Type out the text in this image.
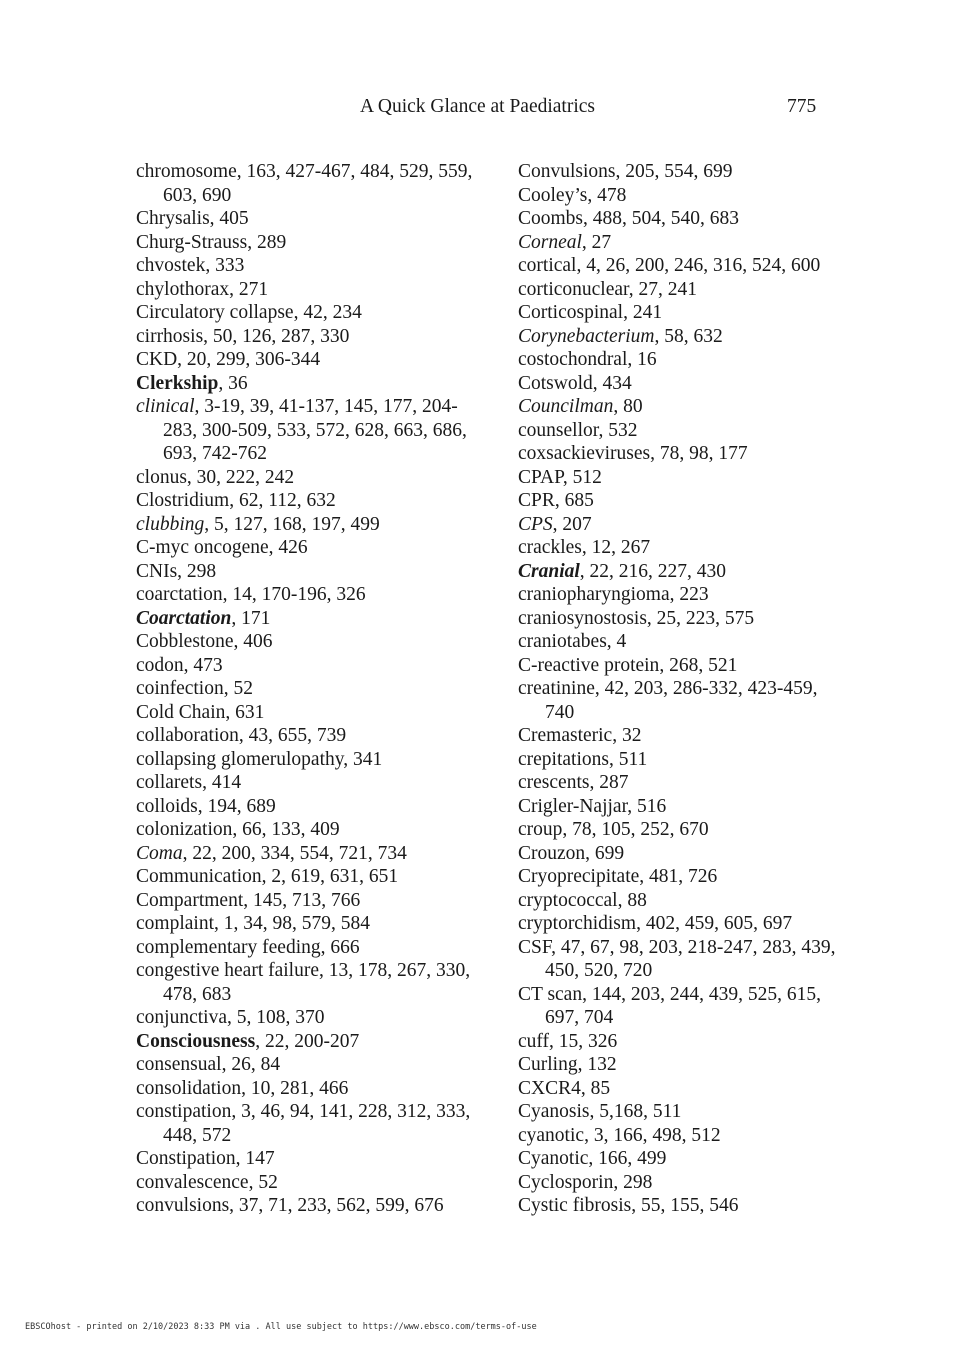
A Quick Glance at Paediatrics	775
chromosome, 163, 427-467, 484, 529, 559, 603, 690
Chrysalis, 405
Churg-Strauss, 289
chvostek, 333
chylothorax, 271
Circulatory collapse, 42, 234
cirrhosis, 50, 126, 287, 330
CKD, 20, 299, 306-344
Clerkship, 36
clinical, 3-19, 39, 41-137, 145, 177, 204-283, 300-509, 533, 572, 628, 663, 686, 693, 742-762
clonus, 30, 222, 242
Clostridium, 62, 112, 632
clubbing, 5, 127, 168, 197, 499
C-myc oncogene, 426
CNIs, 298
coarctation, 14, 170-196, 326
Coarctation, 171
Cobblestone, 406
codon, 473
coinfection, 52
Cold Chain, 631
collaboration, 43, 655, 739
collapsing glomerulopathy, 341
collarets, 414
colloids, 194, 689
colonization, 66, 133, 409
Coma, 22, 200, 334, 554, 721, 734
Communication, 2, 619, 631, 651
Compartment, 145, 713, 766
complaint, 1, 34, 98, 579, 584
complementary feeding, 666
congestive heart failure, 13, 178, 267, 330, 478, 683
conjunctiva, 5, 108, 370
Consciousness, 22, 200-207
consensual, 26, 84
consolidation, 10, 281, 466
constipation, 3, 46, 94, 141, 228, 312, 333, 448, 572
Constipation, 147
convalescence, 52
convulsions, 37, 71, 233, 562, 599, 676
Convulsions, 205, 554, 699
Cooley’s, 478
Coombs, 488, 504, 540, 683
Corneal, 27
cortical, 4, 26, 200, 246, 316, 524, 600
corticonuclear, 27, 241
Corticospinal, 241
Corynebacterium, 58, 632
costochondral, 16
Cotswold, 434
Councilman, 80
counsellor, 532
coxsackieviruses, 78, 98, 177
CPAP, 512
CPR, 685
CPS, 207
crackles, 12, 267
Cranial, 22, 216, 227, 430
craniopharyngioma, 223
craniosynostosis, 25, 223, 575
craniotabes, 4
C-reactive protein, 268, 521
creatinine, 42, 203, 286-332, 423-459, 740
Cremasteric, 32
crepitations, 511
crescents, 287
Crigler-Najjar, 516
croup, 78, 105, 252, 670
Crouzon, 699
Cryoprecipitate, 481, 726
cryptococcal, 88
cryptorchidism, 402, 459, 605, 697
CSF, 47, 67, 98, 203, 218-247, 283, 439, 450, 520, 720
CT scan, 144, 203, 244, 439, 525, 615, 697, 704
cuff, 15, 326
Curling, 132
CXCR4, 85
Cyanosis, 5,168, 511
cyanotic, 3, 166, 498, 512
Cyanotic, 166, 499
Cyclosporin, 298
Cystic fibrosis, 55, 155, 546
EBSCOhost - printed on 2/10/2023 8:33 PM via . All use subject to https://www.ebsco.com/terms-of-use
